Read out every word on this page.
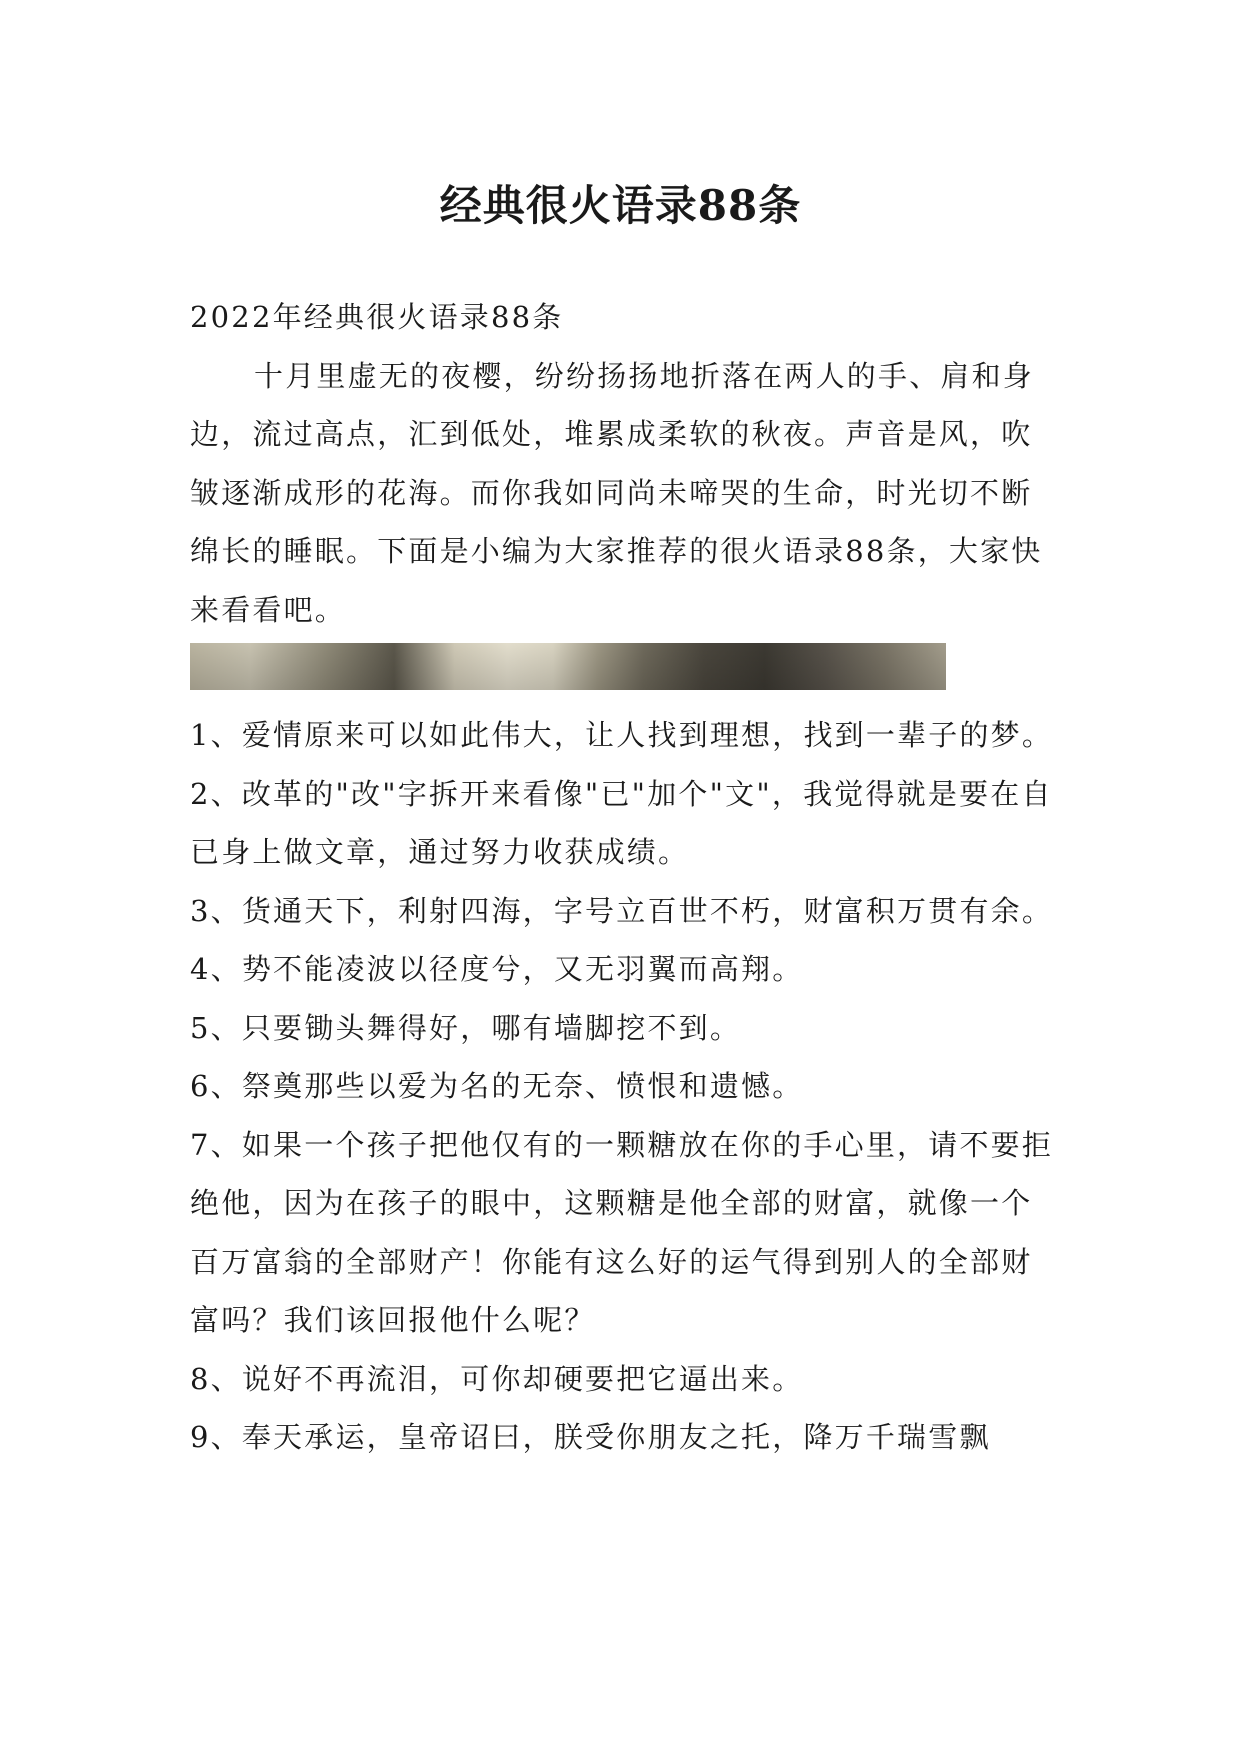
经典很火语录88条

2022年经典很火语录88条

十月里虚无的夜樱，纷纷扬扬地折落在两人的手、肩和身边，流过高点，汇到低处，堆累成柔软的秋夜。声音是风，吹皱逐渐成形的花海。而你我如同尚未啼哭的生命，时光切不断绵长的睡眠。下面是小编为大家推荐的很火语录88条，大家快来看看吧。

1、爱情原来可以如此伟大，让人找到理想，找到一辈子的梦。

2、改革的"改"字拆开来看像"已"加个"文"，我觉得就是要在自已身上做文章，通过努力收获成绩。

3、货通天下，利射四海，字号立百世不朽，财富积万贯有余。

4、势不能凌波以径度兮，又无羽翼而高翔。

5、只要锄头舞得好，哪有墙脚挖不到。

6、祭奠那些以爱为名的无奈、愤恨和遗憾。

7、如果一个孩子把他仅有的一颗糖放在你的手心里，请不要拒绝他，因为在孩子的眼中，这颗糖是他全部的财富，就像一个百万富翁的全部财产！你能有这么好的运气得到别人的全部财富吗？我们该回报他什么呢？

8、说好不再流泪，可你却硬要把它逼出来。

9、奉天承运，皇帝诏曰，朕受你朋友之托，降万千瑞雪飘
